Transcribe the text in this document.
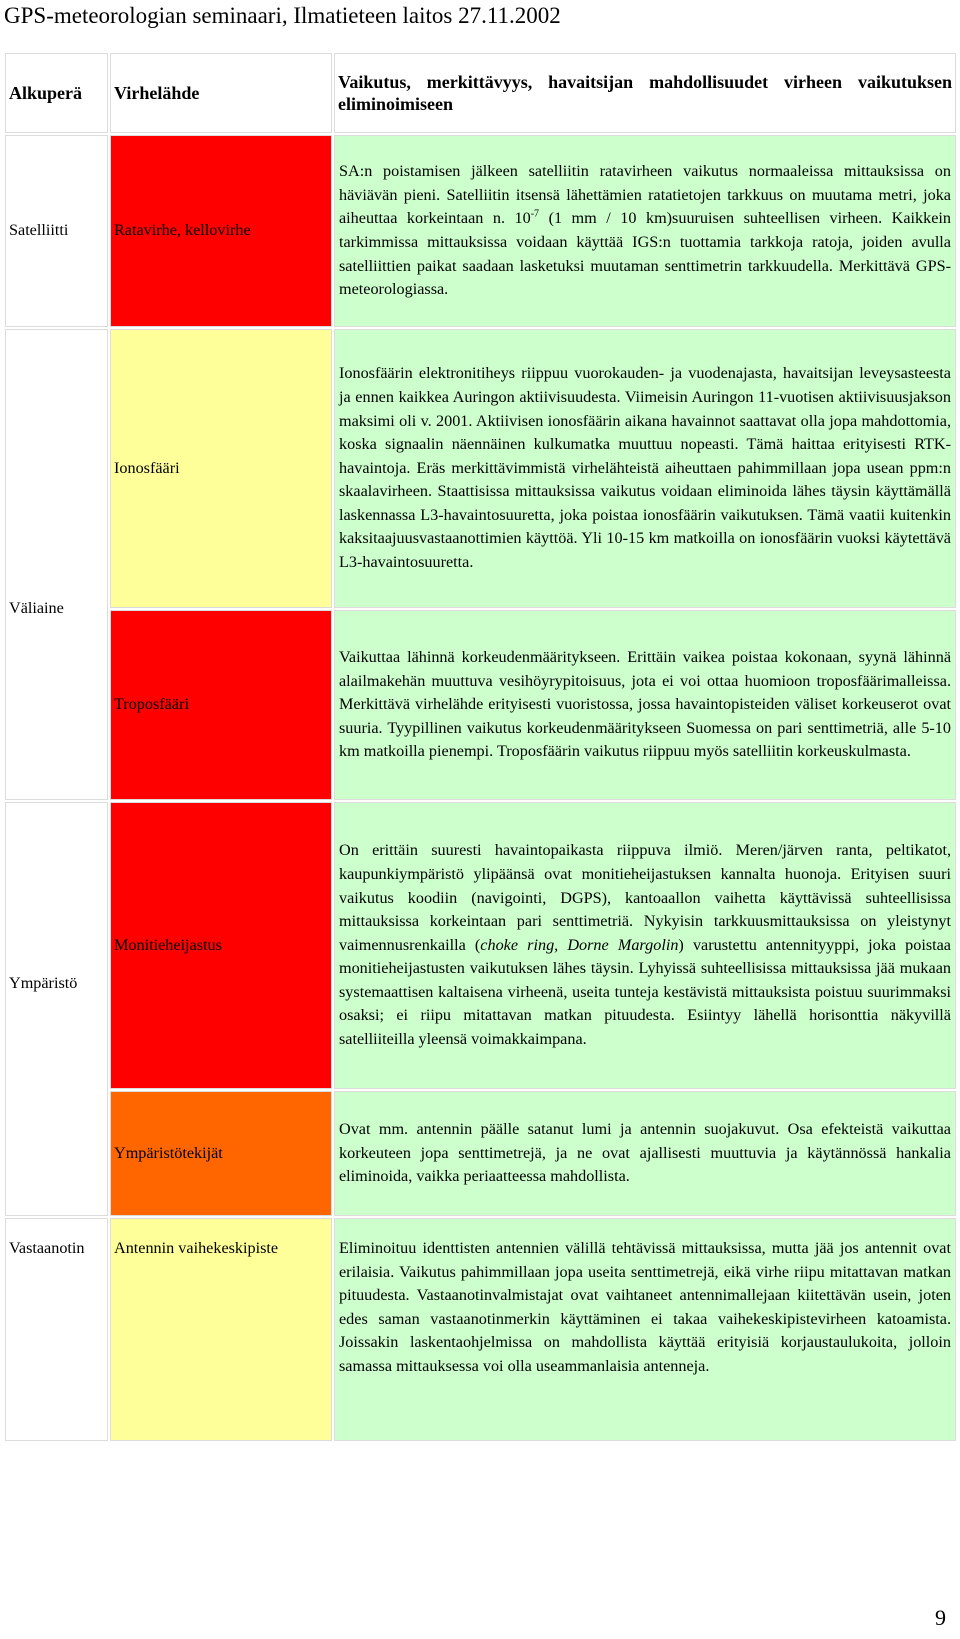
GPS-meteorologian seminaari, Ilmatieteen laitos 27.11.2002
Alkuperä	Virhelähde	Vaikutus, merkittävyys, havaitsijan mahdollisuudet virheen vaikutuksen eliminoimiseen
Satelliitti	Ratavirhe, kellovirhe	SA:n poistamisen jälkeen satelliitin ratavirheen vaikutus normaaleissa mittauksissa on häviävän pieni. Satelliitin itsensä lähettämien ratatietojen tarkkuus on muutama metri, joka aiheuttaa korkeintaan n. $10^{-7}$ (1 mm / 10 km)suuruisen suhteellisen virheen. Kaikkein tarkimmissa mittauksissa voidaan käyttää IGS:n tuottamia tarkkoja ratoja, joiden avulla satelliittien paikat saadaan lasketuksi muutaman senttimetrin tarkkuudella. Merkittävä GPS-meteorologiassa.
Väliaine	Ionosfääri	Ionosfäärin elektronitiheys riippuu vuorokauden- ja vuodenajasta, havaitsijan leveysasteesta ja ennen kaikkea Auringon aktiivisuudesta. Viimeisin Auringon 11-vuotisen aktiivisuusjakson maksimi oli v. 2001. Aktiivisen ionosfäärin aikana havainnot saattavat olla jopa mahdottomia, koska signaalin näennäinen kulkumatka muuttuu nopeasti. Tämä haittaa erityisesti RTK-havaintoja. Eräs merkittävimmistä virhelähteistä aiheuttaen pahimmillaan jopa usean ppm:n skaalavirheen. Staattisissa mittauksissa vaikutus voidaan eliminoida lähes täysin käyttämällä laskennassa L3-havaintosuuretta, joka poistaa ionosfäärin vaikutuksen. Tämä vaatii kuitenkin kaksitaajuusvastaanottimien käyttöä. Yli 10-15 km matkoilla on ionosfäärin vuoksi käytettävä L3-havaintosuuretta.
	Troposfääri	Vaikuttaa lähinnä korkeudenmääritykseen. Erittäin vaikea poistaa kokonaan, syynä lähinnä alailmakehän muuttuva vesihöyrypitoisuus, jota ei voi ottaa huomioon troposfäärimalleissa. Merkittävä virhelähde erityisesti vuoristossa, jossa havaintopisteiden väliset korkeuserot ovat suuria. Tyypillinen vaikutus korkeudenmääritykseen Suomessa on pari senttimetriä, alle 5-10 km matkoilla pienempi. Troposfäärin vaikutus riippuu myös satelliitin korkeuskulmasta.
Ympäristö	Monitieheijastus	On erittäin suuresti havaintopaikasta riippuva ilmiö. Meren/järven ranta, peltikatot, kaupunkiympäristö ylipäänsä ovat monitieheijastuksen kannalta huonoja. Erityisen suuri vaikutus koodiin (navigointi, DGPS), kantoaallon vaihetta käyttävissä suhteellisissa mittauksissa korkeintaan pari senttimetriä. Nykyisin tarkkuusmittauksissa on yleistynyt vaimennusrenkailla (choke ring, Dorne Margolin) varustettu antennityyppi, joka poistaa monitieheijastusten vaikutuksen lähes täysin. Lyhyissä suhteellisissa mittauksissa jää mukaan systemaattisen kaltaisena virheenä, useita tunteja kestävistä mittauksista poistuu suurimmaksi osaksi; ei riipu mitattavan matkan pituudesta. Esiintyy lähellä horisonttia näkyvillä satelliiteilla yleensä voimakkaimpana.
	Ympäristötekijät	Ovat mm. antennin päälle satanut lumi ja antennin suojakuvut. Osa efekteistä vaikuttaa korkeuteen jopa senttimetrejä, ja ne ovat ajallisesti muuttuvia ja käytännössä hankalia eliminoida, vaikka periaatteessa mahdollista.
Vastaanotin	Antennin vaihekeskipiste	Eliminoituu identtisten antennien välillä tehtävissä mittauksissa, mutta jää jos antennit ovat erilaisia. Vaikutus pahimmillaan jopa useita senttimetrejä, eikä virhe riipu mitattavan matkan pituudesta. Vastaanotinvalmistajat ovat vaihtaneet antennimallejaan kiitettävän usein, joten edes saman vastaanotinmerkin käyttäminen ei takaa vaihekeskipistevirheen katoamista. Joissakin laskentaohjelmissa on mahdollista käyttää erityisiä korjaustaulukoita, jolloin samassa mittauksessa voi olla useammanlaisia antenneja.
9
